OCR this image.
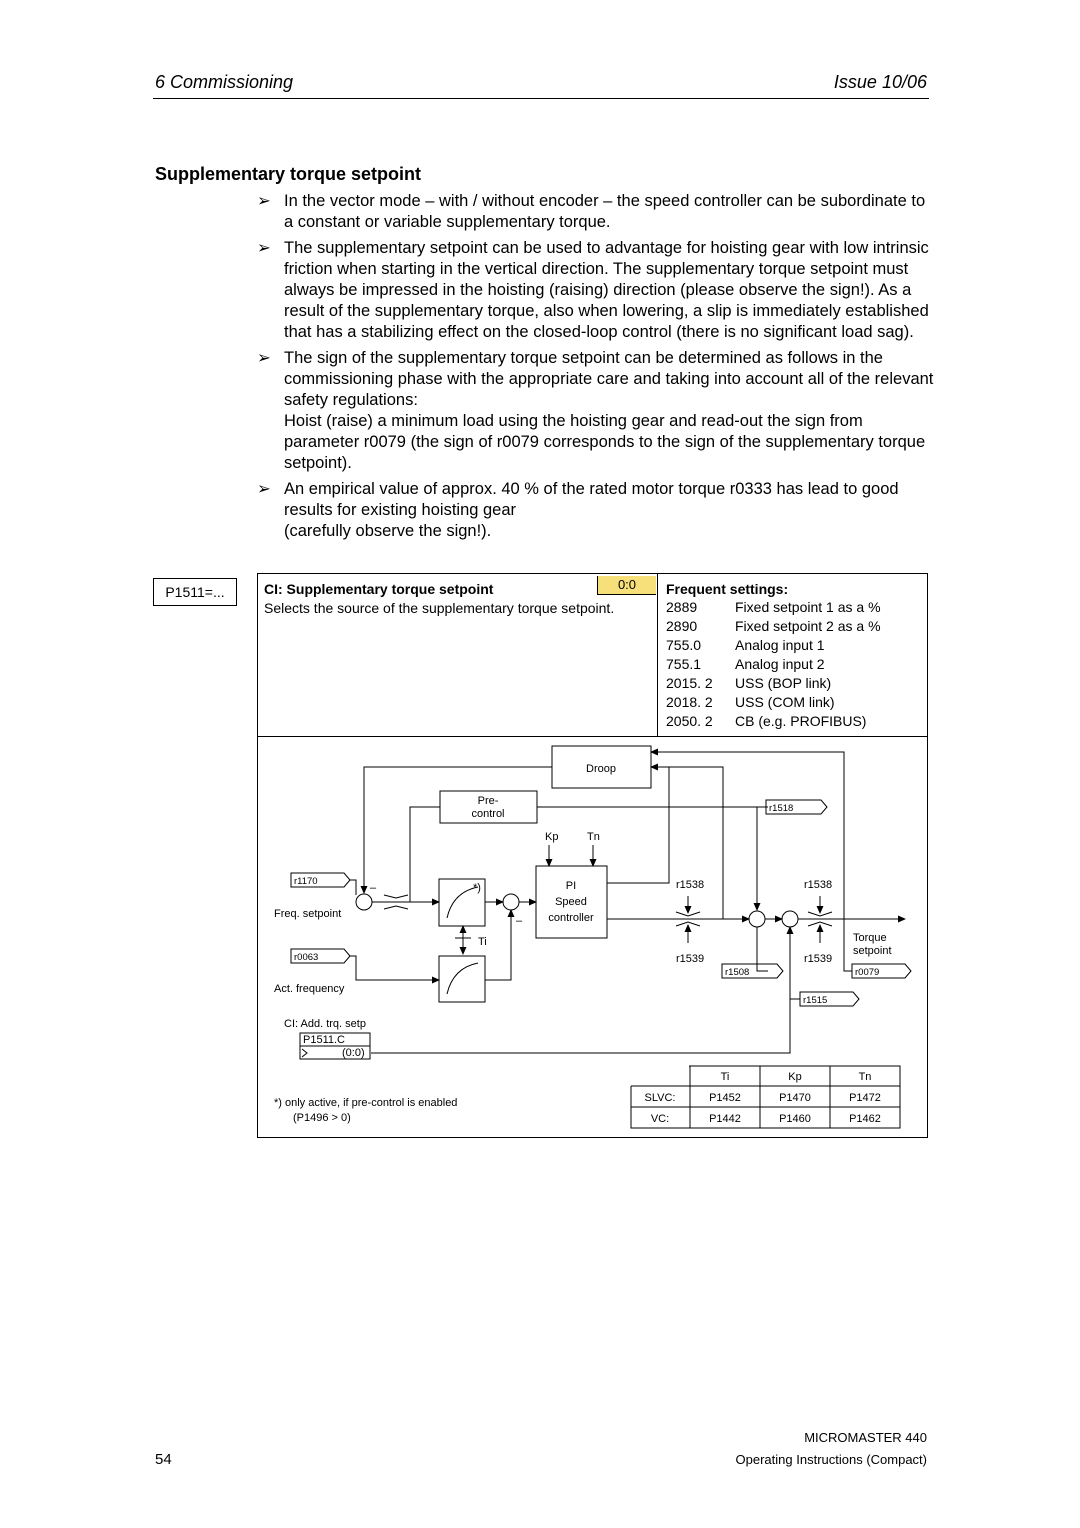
6 Commissioning	Issue 10/06
Supplementary torque setpoint
➢ In the vector mode – with / without encoder – the speed controller can be subordinate to a constant or variable supplementary torque.

➢ The supplementary setpoint can be used to advantage for hoisting gear with low intrinsic friction when starting in the vertical direction. The supplementary torque setpoint must always be impressed in the hoisting (raising) direction (please observe the sign!). As a result of the supplementary torque, also when lowering, a slip is immediately established that has a stabilizing effect on the closed-loop control (there is no significant load sag).

➢ The sign of the supplementary torque setpoint can be determined as follows in the commissioning phase with the appropriate care and taking into account all of the relevant safety regulations:

Hoist (raise) a minimum load using the hoisting gear and read-out the sign from parameter r0079 (the sign of r0079 corresponds to the sign of the supplementary torque setpoint).

➢ An empirical value of approx. 40 % of the rated motor torque r0333 has lead to good results for existing hoisting gear

(carefully observe the sign!).

P1511=...	CI: Supplementary torque setpoint	0:0
Selects the source of the supplementary torque setpoint.
Frequent settings:
2889	Fixed setpoint 1 as a %
2890	Fixed setpoint 2 as a %
755.0 Analog input 1
755.1 Analog input 2
2015. 2 USS (BOP link)
2018. 2 USS (COM link)
2050. 2 CB (e.g. PROFIBUS)
Droop
Pre-
control
Kp	Tn
*)
–
–
PI
Speed
controller
Ti
Freq. setpoint
r1538	r1538
r1539	r1539
Torque
setpoint
Act. frequency
CI: Add. trq. setp
P1511.C
(0:0)
*) only active, if pre-control is enabled
(P1496 > 0)
r1170
r0063
r1518
r1508	r0079
r1515
Ti	Kp	Tn
SLVC:	P1452	P1470	P1472
VC:	P1442	P1460	P1462
MICROMASTER 440
Operating Instructions (Compact)
54
